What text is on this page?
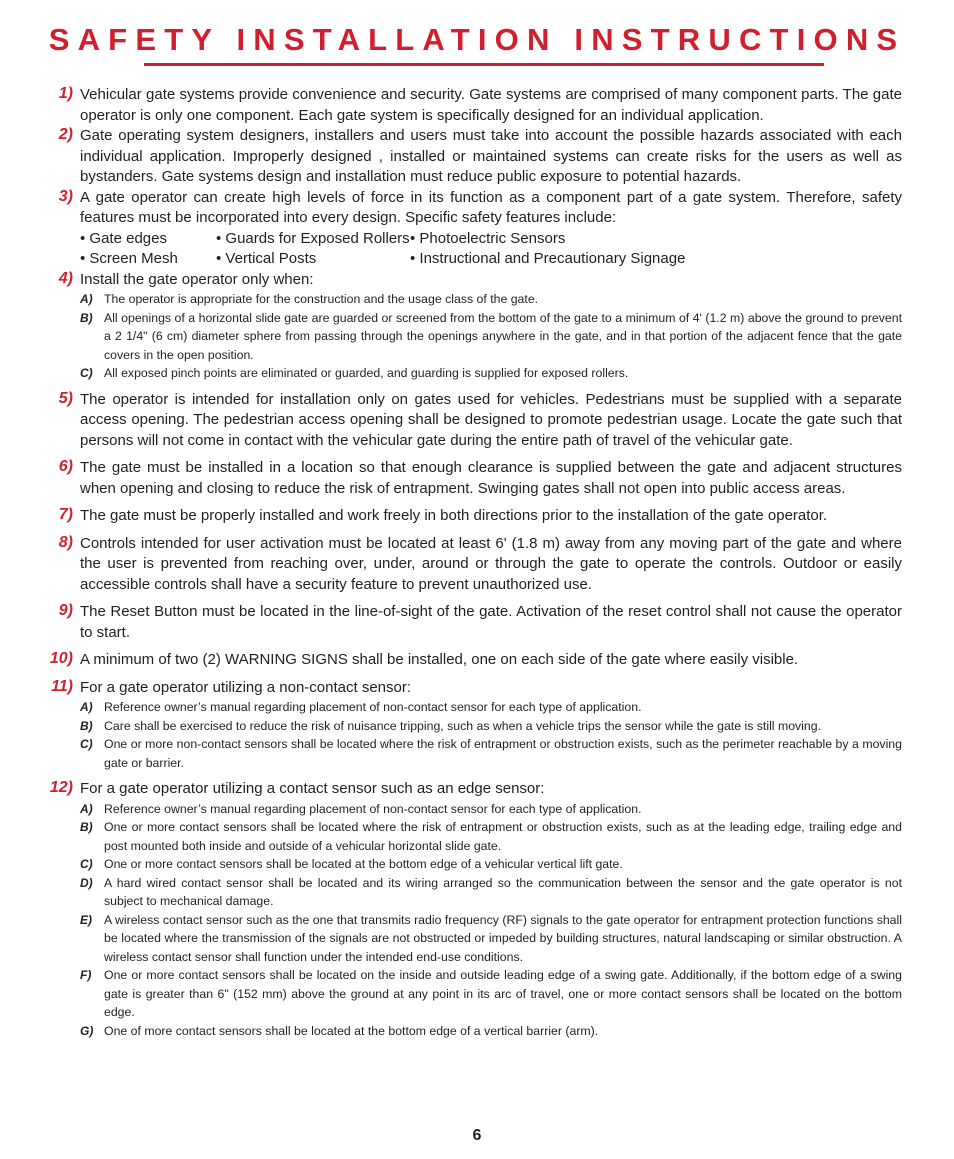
SAFETY INSTALLATION INSTRUCTIONS
1) Vehicular gate systems provide convenience and security. Gate systems are comprised of many component parts. The gate operator is only one component. Each gate system is specifically designed for an individual application.
2) Gate operating system designers, installers and users must take into account the possible hazards associated with each individual application. Improperly designed , installed or maintained systems can create risks for the users as well as bystanders. Gate systems design and installation must reduce public exposure to potential hazards.
3) A gate operator can create high levels of force in its function as a component part of a gate system. Therefore, safety features must be incorporated into every design. Specific safety features include:
• Gate edges	• Guards for Exposed Rollers • Photoelectric Sensors
• Screen Mesh	• Vertical Posts	• Instructional and Precautionary Signage
4) Install the gate operator only when:
A) The operator is appropriate for the construction and the usage class of the gate.
B) All openings of a horizontal slide gate are guarded or screened from the bottom of the gate to a minimum of 4' (1.2 m) above the ground to prevent a 2 1/4" (6 cm) diameter sphere from passing through the openings anywhere in the gate, and in that portion of the adjacent fence that the gate covers in the open position.
C) All exposed pinch points are eliminated or guarded, and guarding is supplied for exposed rollers.
5) The operator is intended for installation only on gates used for vehicles. Pedestrians must be supplied with a separate access opening. The pedestrian access opening shall be designed to promote pedestrian usage. Locate the gate such that persons will not come in contact with the vehicular gate during the entire path of travel of the vehicular gate.
6) The gate must be installed in a location so that enough clearance is supplied between the gate and adjacent structures when opening and closing to reduce the risk of entrapment. Swinging gates shall not open into public access areas.
7) The gate must be properly installed and work freely in both directions prior to the installation of the gate operator.
8) Controls intended for user activation must be located at least 6' (1.8 m) away from any moving part of the gate and where the user is prevented from reaching over, under, around or through the gate to operate the controls. Outdoor or easily accessible controls shall have a security feature to prevent unauthorized use.
9) The Reset Button must be located in the line-of-sight of the gate. Activation of the reset control shall not cause the operator to start.
10) A minimum of two (2) WARNING SIGNS shall be installed, one on each side of the gate where easily visible.
11) For a gate operator utilizing a non-contact sensor:
A) Reference owner’s manual regarding placement of non-contact sensor for each type of application.
B) Care shall be exercised to reduce the risk of nuisance tripping, such as when a vehicle trips the sensor while the gate is still moving.
C) One or more non-contact sensors shall be located where the risk of entrapment or obstruction exists, such as the perimeter reachable by a moving gate or barrier.
12) For a gate operator utilizing a contact sensor such as an edge sensor:
A) Reference owner’s manual regarding placement of non-contact sensor for each type of application.
B) One or more contact sensors shall be located where the risk of entrapment or obstruction exists, such as at the leading edge, trailing edge and post mounted both inside and outside of a vehicular horizontal slide gate.
C) One or more contact sensors shall be located at the bottom edge of a vehicular vertical lift gate.
D) A hard wired contact sensor shall be located and its wiring arranged so the communication between the sensor and the gate operator is not subject to mechanical damage.
E) A wireless contact sensor such as the one that transmits radio frequency (RF) signals to the gate operator for entrapment protection functions shall be located where the transmission of the signals are not obstructed or impeded by building structures, natural landscaping or similar obstruction. A wireless contact sensor shall function under the intended end-use conditions.
F) One or more contact sensors shall be located on the inside and outside leading edge of a swing gate. Additionally, if the bottom edge of a swing gate is greater than 6" (152 mm) above the ground at any point in its arc of travel, one or more contact sensors shall be located on the bottom edge.
G) One of more contact sensors shall be located at the bottom edge of a vertical barrier (arm).
6
